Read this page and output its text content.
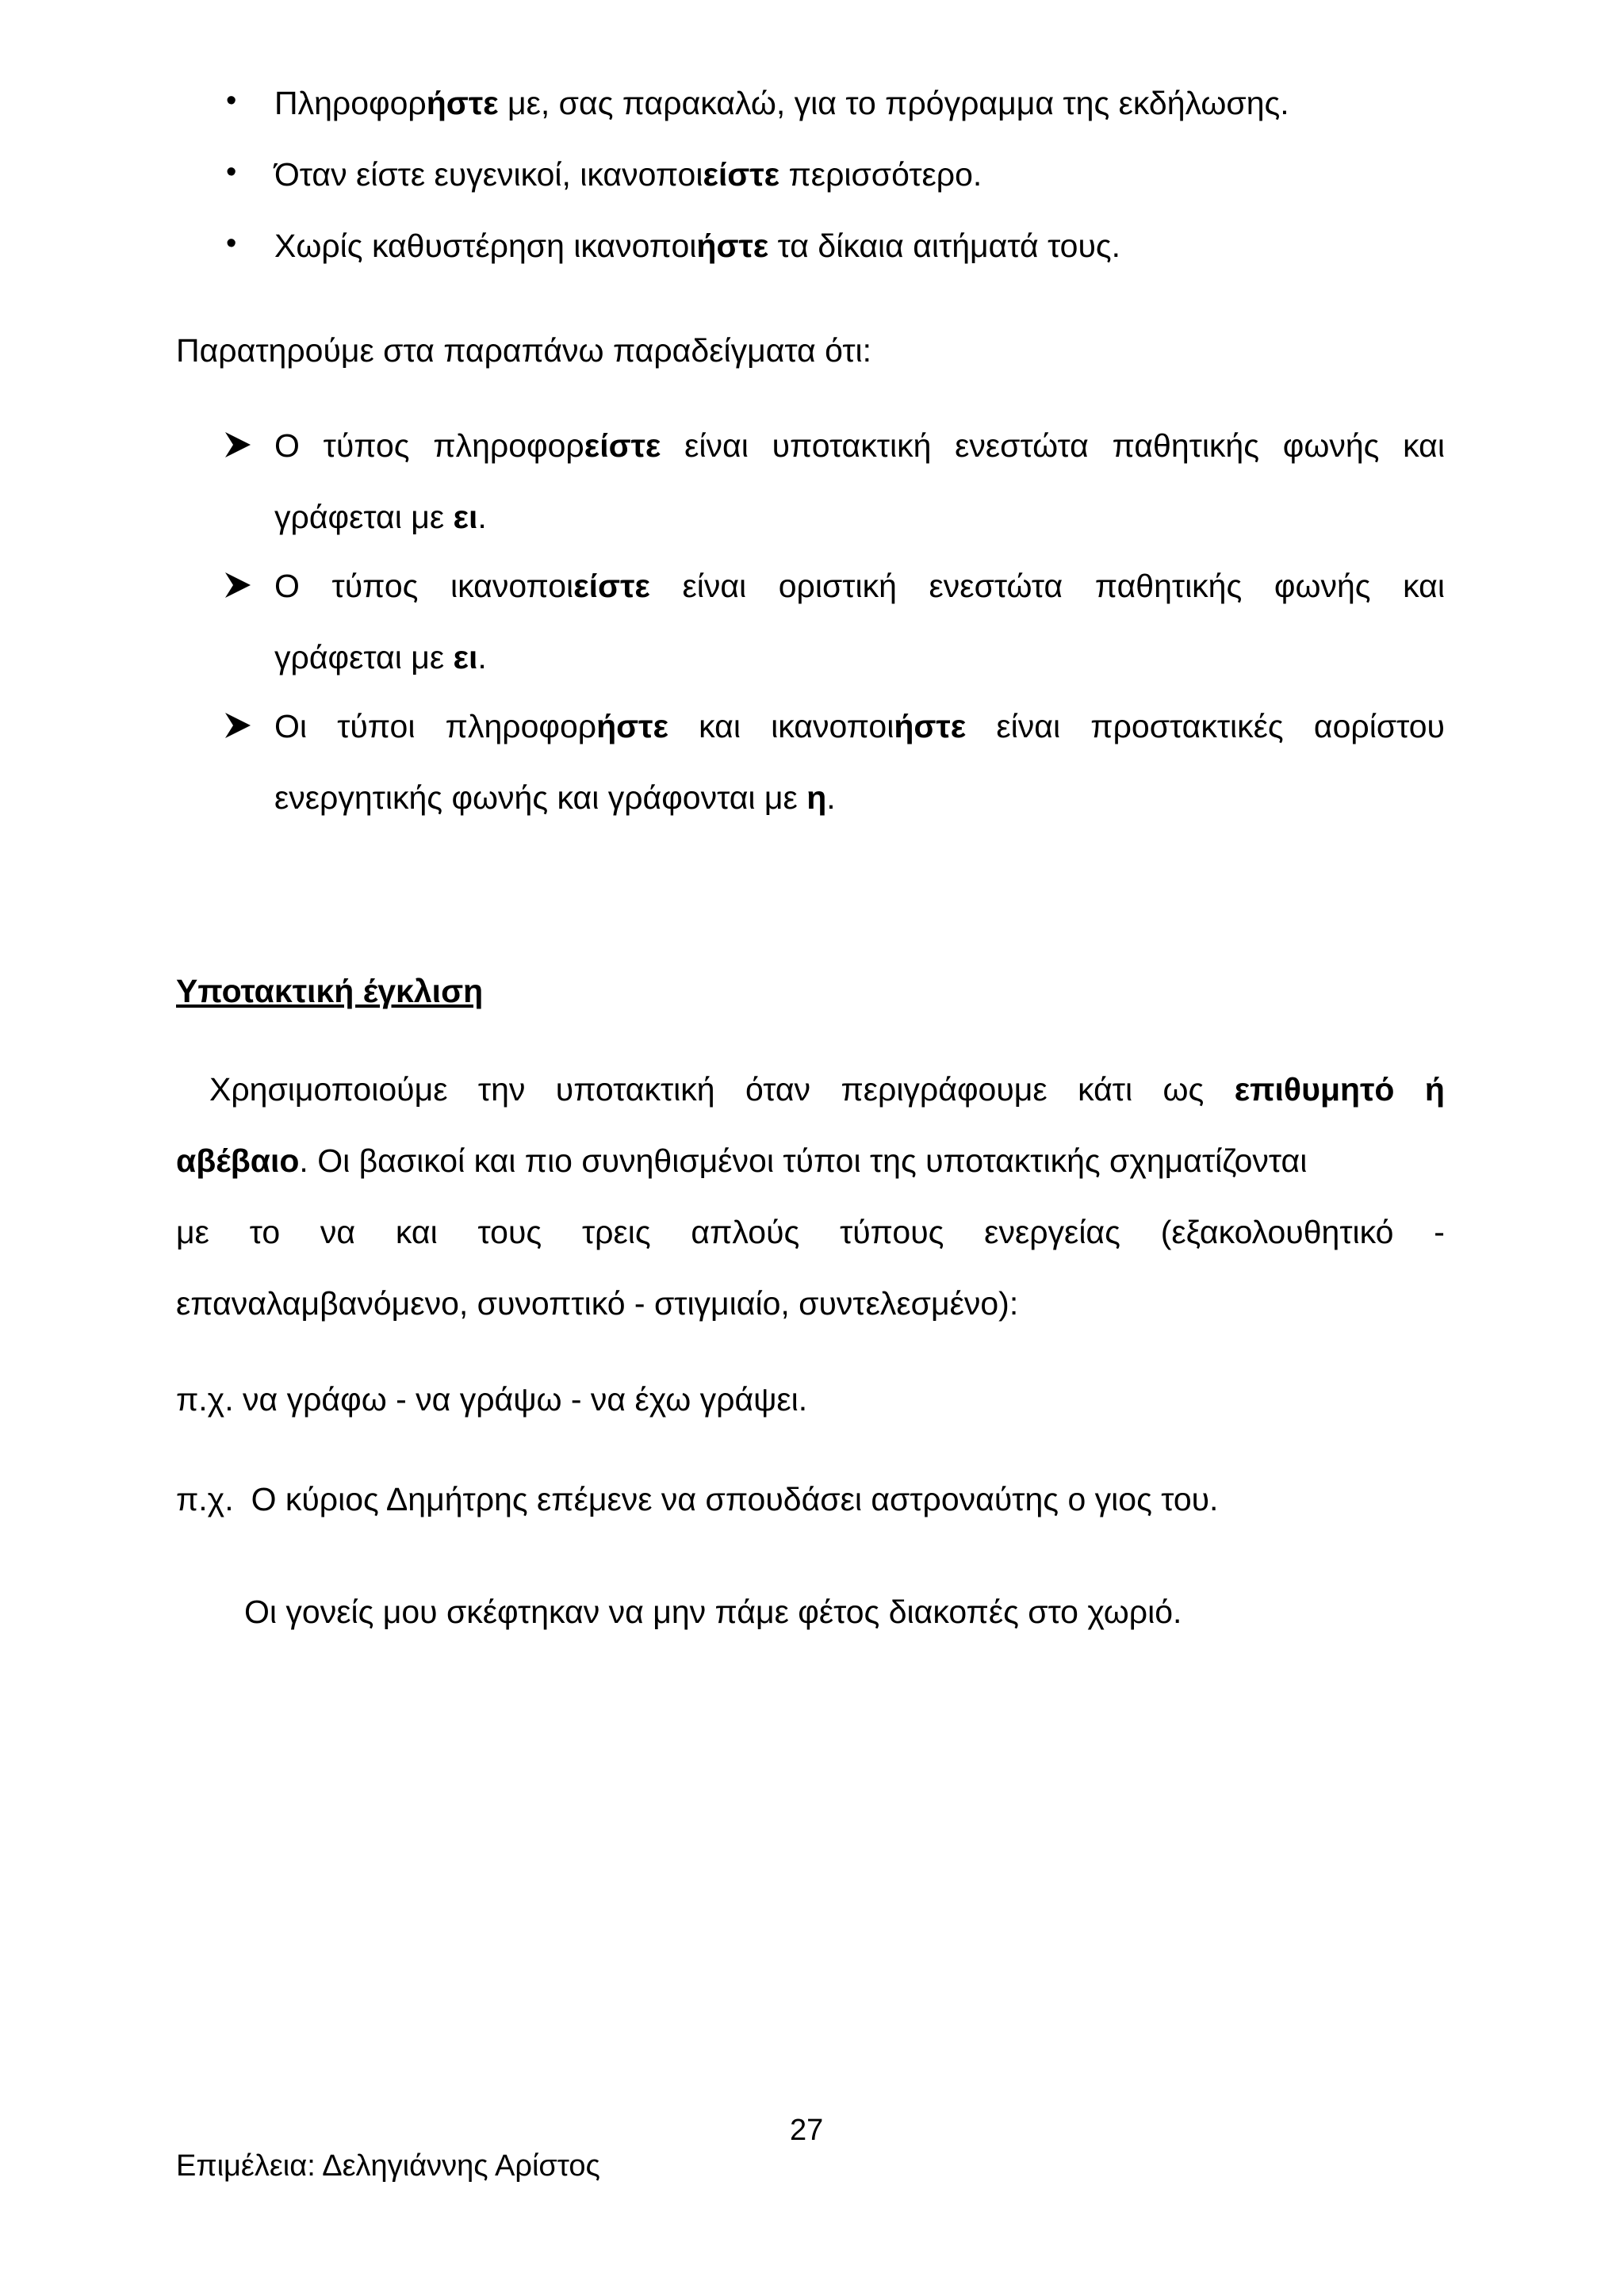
• Πληροφορήστε με, σας παρακαλώ, για το πρόγραμμα της εκδήλωσης.
• Όταν είστε ευγενικοί, ικανοποιείστε περισσότερο.
• Χωρίς καθυστέρηση ικανοποιήστε τα δίκαια αιτήματά τους.
Παρατηρούμε στα παραπάνω παραδείγματα ότι:
Ο τύπος πληροφορείστε είναι υποτακτική ενεστώτα παθητικής φωνής και
γράφεται με ει.
Ο τύπος ικανοποιείστε είναι οριστική ενεστώτα παθητικής φωνής και
γράφεται με ει.
Οι τύποι πληροφορήστε και ικανοποιήστε είναι προστακτικές αορίστου
ενεργητικής φωνής και γράφονται με η.
Υποτακτική έγκλιση
Χρησιμοποιούμε την υποτακτική όταν περιγράφουμε κάτι ως επιθυμητό ή
αβέβαιο. Οι βασικοί και πιο συνηθισμένοι τύποι της υποτακτικής σχηματίζονται
με το να και τους τρεις απλούς τύπους ενεργείας (εξακολουθητικό -
επαναλαμβανόμενο, συνοπτικό - στιγμιαίο, συντελεσμένο):
π.χ. να γράφω - να γράψω - να έχω γράψει.
π.χ. Ο κύριος Δημήτρης επέμενε να σπουδάσει αστροναύτης ο γιος του.
Οι γονείς μου σκέφτηκαν να μην πάμε φέτος διακοπές στο χωριό.
27
Επιμέλεια: Δεληγιάννης Αρίστος
